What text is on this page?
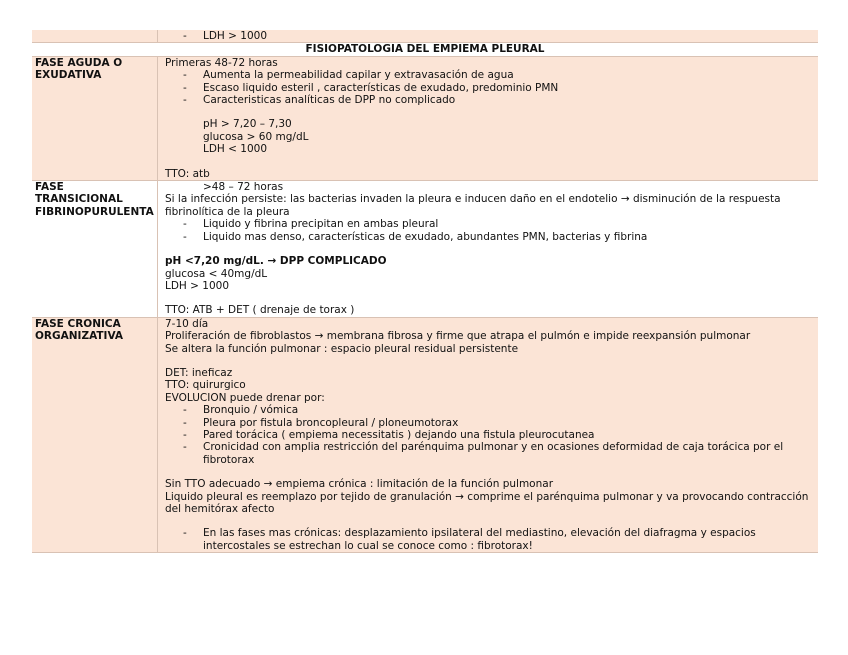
- LDH > 1000
FISIOPATOLOGIA DEL EMPIEMA PLEURAL
FASE AGUDA O EXUDATIVA
Primeras 48-72 horas
- Aumenta la permeabilidad capilar y extravasación de agua
- Escaso liquido esteril , características de exudado, predominio PMN
- Caracteristicas analíticas de DPP no complicado
pH > 7,20 – 7,30
glucosa > 60 mg/dL
LDH < 1000
TTO: atb
FASE TRANSICIONAL FIBRINOPURULENTA
>48 – 72 horas
Si la infección persiste: las bacterias invaden la pleura e inducen daño en el endotelio → disminución de la respuesta fibrinolítica de la pleura
- Liquido y fibrina precipitan en ambas pleural
- Liquido mas denso, características de exudado, abundantes PMN, bacterias y fibrina
pH <7,20 mg/dL. → DPP COMPLICADO
glucosa < 40mg/dL
LDH > 1000
TTO: ATB + DET ( drenaje de torax )
FASE CRONICA ORGANIZATIVA
7-10 día
Proliferación de fibroblastos → membrana fibrosa y firme que atrapa el pulmón e impide reexpansión pulmonar
Se altera la función pulmonar : espacio pleural residual persistente
DET: ineficaz
TTO: quirurgico
EVOLUCION puede drenar por:
- Bronquio / vómica
- Pleura por fistula broncopleural / ploneumotorax
- Pared torácica ( empiema necessitatis ) dejando una fistula pleurocutanea
- Cronicidad con amplia restricción del parénquima pulmonar y en ocasiones deformidad de caja torácica por el fibrotorax
Sin TTO adecuado → empiema crónica : limitación de la función pulmonar
Liquido pleural es reemplazo por tejido de granulación → comprime el parénquima pulmonar y va provocando contracción del hemitórax afecto
- En las fases mas crónicas: desplazamiento ipsilateral del mediastino, elevación del diafragma y espacios intercostales se estrechan lo cual se conoce como : fibrotorax!
